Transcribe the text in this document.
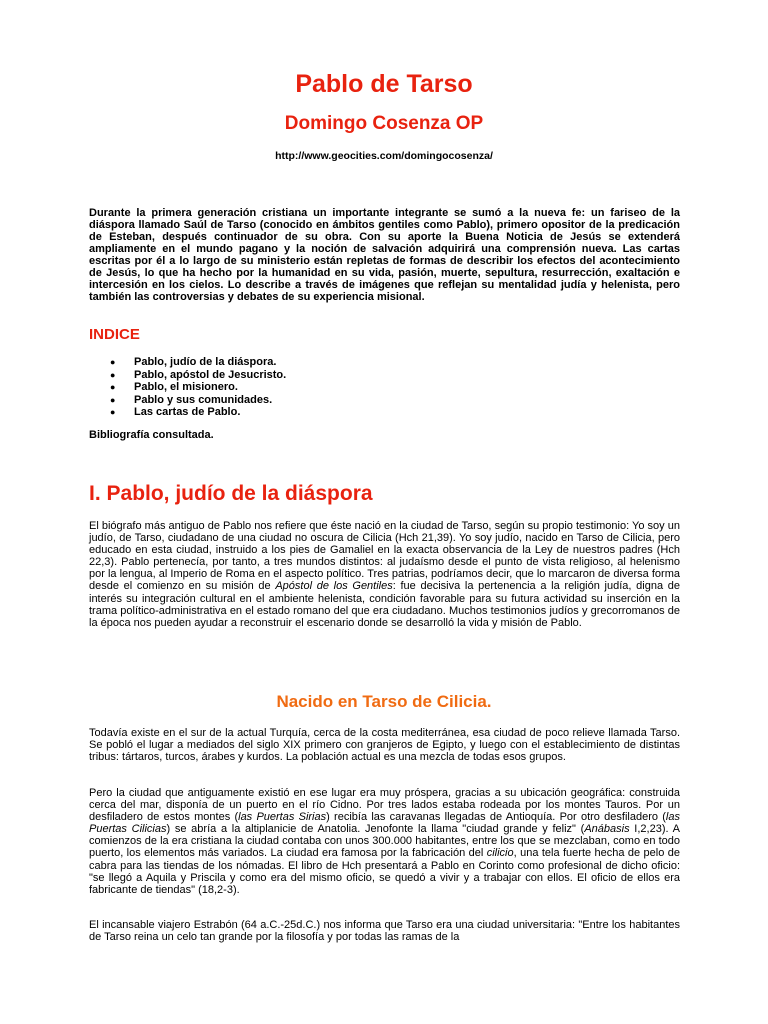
Pablo de Tarso
Domingo Cosenza OP

http://www.geocities.com/domingocosenza/

Durante la primera generación cristiana un importante integrante se sumó a la nueva fe: un fariseo de la diáspora llamado Saúl de Tarso (conocido en ámbitos gentiles como Pablo), primero opositor de la predicación de Esteban, después continuador de su obra. Con su aporte la Buena Noticia de Jesús se extenderá ampliamente en el mundo pagano y la noción de salvación adquirirá una comprensión nueva. Las cartas escritas por él a lo largo de su ministerio están repletas de formas de describir los efectos del acontecimiento de Jesús, lo que ha hecho por la humanidad en su vida, pasión, muerte, sepultura, resurrección, exaltación e intercesión en los cielos. Lo describe a través de imágenes que reflejan su mentalidad judía y helenista, pero también las controversias y debates de su experiencia misional.

INDICE
● Pablo, judío de la diáspora.
● Pablo, apóstol de Jesucristo.
● Pablo, el misionero.
● Pablo y sus comunidades.
● Las cartas de Pablo.

Bibliografía consultada.

I. Pablo, judío de la diáspora

El biógrafo más antiguo de Pablo nos refiere que éste nació en la ciudad de Tarso, según su propio testimonio: Yo soy un judío, de Tarso, ciudadano de una ciudad no oscura de Cilicia (Hch 21,39). Yo soy judío, nacido en Tarso de Cilicia, pero educado en esta ciudad, instruido a los pies de Gamaliel en la exacta observancia de la Ley de nuestros padres (Hch 22,3). Pablo pertenecía, por tanto, a tres mundos distintos: al judaísmo desde el punto de vista religioso, al helenismo por la lengua, al Imperio de Roma en el aspecto político. Tres patrias, podríamos decir, que lo marcaron de diversa forma desde el comienzo en su misión de Apóstol de los Gentiles: fue decisiva la pertenencia a la religión judía, digna de interés su integración cultural en el ambiente helenista, condición favorable para su futura actividad su inserción en la trama político-administrativa en el estado romano del que era ciudadano. Muchos testimonios judíos y grecorromanos de la época nos pueden ayudar a reconstruir el escenario donde se desarrolló la vida y misión de Pablo.

Nacido en Tarso de Cilicia.

Todavía existe en el sur de la actual Turquía, cerca de la costa mediterránea, esa ciudad de poco relieve llamada Tarso. Se pobló el lugar a mediados del siglo XIX primero con granjeros de Egipto, y luego con el establecimiento de distintas tribus: tártaros, turcos, árabes y kurdos. La población actual es una mezcla de todas esos grupos.

Pero la ciudad que antiguamente existió en ese lugar era muy próspera, gracias a su ubicación geográfica: construida cerca del mar, disponía de un puerto en el río Cidno. Por tres lados estaba rodeada por los montes Tauros. Por un desfiladero de estos montes (las Puertas Sirias) recibía las caravanas llegadas de Antioquía. Por otro desfiladero (las Puertas Cilicias) se abría a la altiplanicie de Anatolia. Jenofonte la llama "ciudad grande y feliz" (Anábasis I,2,23). A comienzos de la era cristiana la ciudad contaba con unos 300.000 habitantes, entre los que se mezclaban, como en todo puerto, los elementos más variados. La ciudad era famosa por la fabricación del cilicio, una tela fuerte hecha de pelo de cabra para las tiendas de los nómadas. El libro de Hch presentará a Pablo en Corinto como profesional de dicho oficio: "se llegó a Aquila y Priscila y como era del mismo oficio, se quedó a vivir y a trabajar con ellos. El oficio de ellos era fabricante de tiendas" (18,2-3).

El incansable viajero Estrabón (64 a.C.-25d.C.) nos informa que Tarso era una ciudad universitaria: "Entre los habitantes de Tarso reina un celo tan grande por la filosofía y por todas las ramas de la
